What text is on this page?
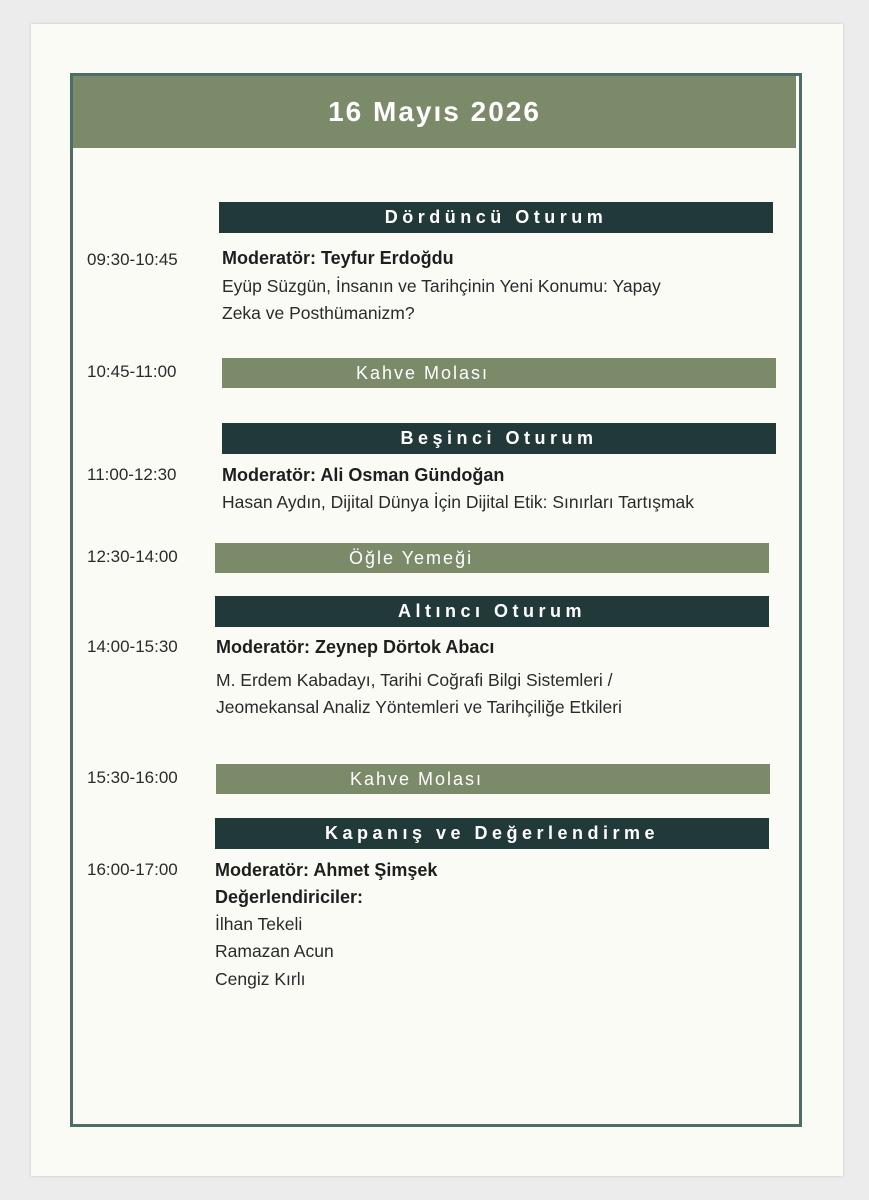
16 Mayıs 2026
Dördüncü Oturum
09:30-10:45 Moderatör: Teyfur Erdoğdu
Eyüp Süzgün, İnsanın ve Tarihçinin Yeni Konumu: Yapay
Zeka ve Posthümanizm?
10:45-11:00	Kahve Molası
Beşinci Oturum
11:00-12:30	Moderatör: Ali Osman Gündoğan
Hasan Aydın, Dijital Dünya İçin Dijital Etik: Sınırları Tartışmak
12:30-14:00	Öğle Yemeği
Altıncı Oturum
14:00-15:30 Moderatör: Zeynep Dörtok Abacı
M. Erdem Kabadayı, Tarihi Coğrafi Bilgi Sistemleri /
Jeomekansal Analiz Yöntemleri ve Tarihçiliğe Etkileri
15:30-16:00	Kahve Molası
Kapanış ve Değerlendirme
16:00-17:00 Moderatör: Ahmet Şimşek
Değerlendiriciler:
İlhan Tekeli
Ramazan Acun
Cengiz Kırlı
